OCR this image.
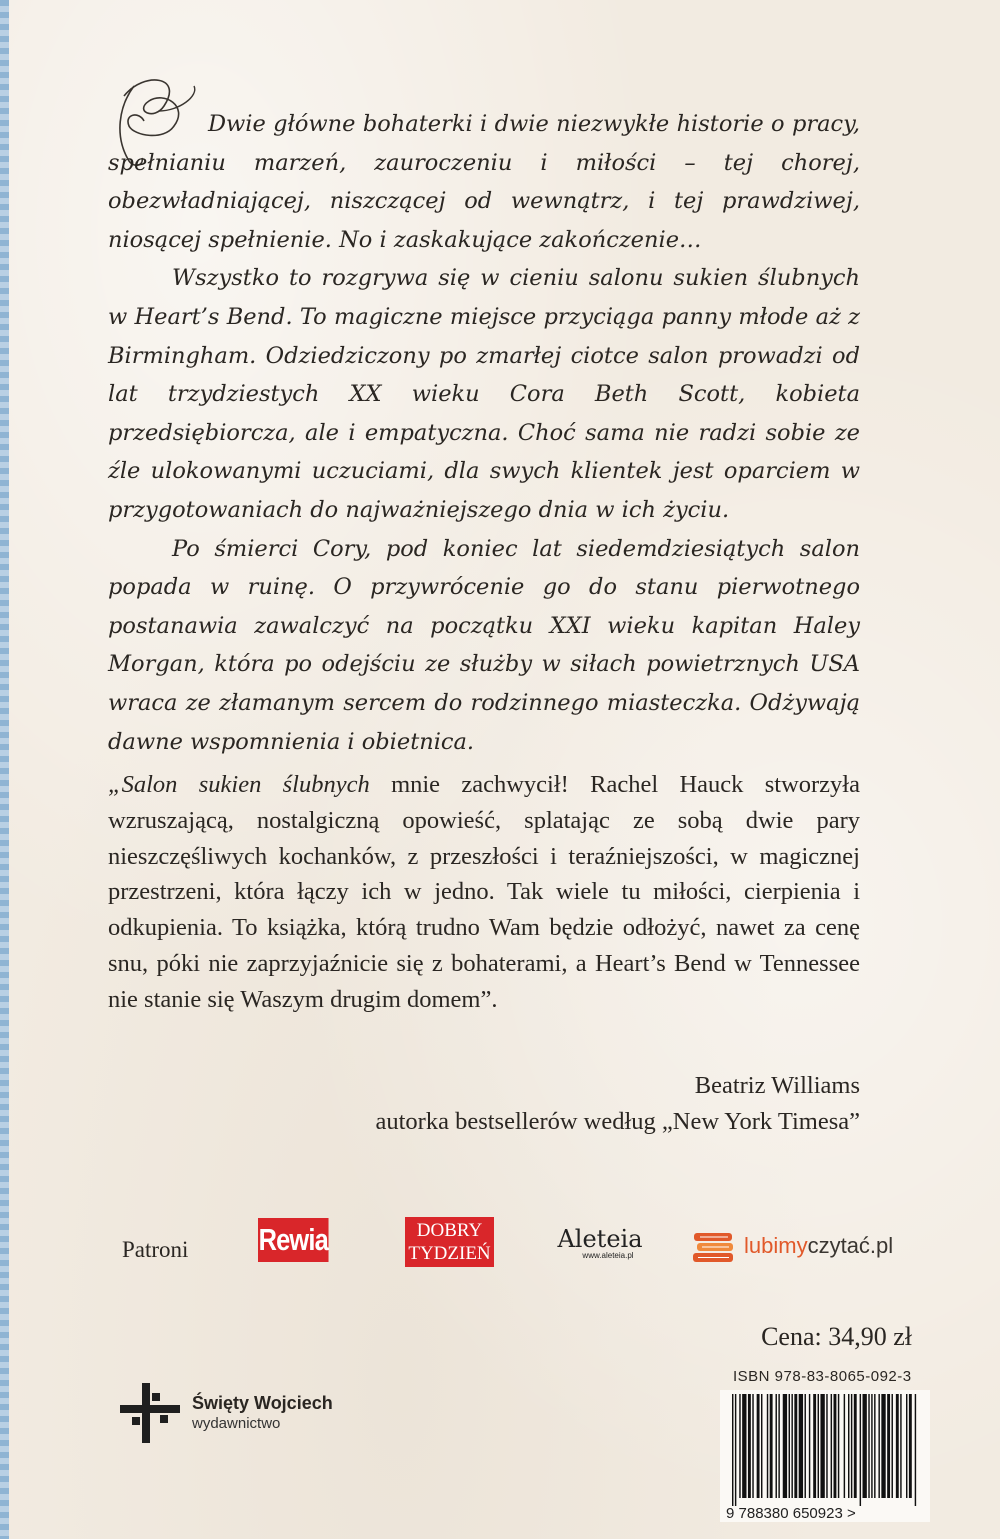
Dwie główne bohaterki i dwie niezwykłe historie o pracy, spełnianiu marzeń, zauroczeniu i miłości – tej chorej, obezwładniającej, niszczącej od wewnątrz, i tej prawdziwej, niosącej spełnienie. No i zaskakujące zakończenie…

Wszystko to rozgrywa się w cieniu salonu sukien ślubnych w Heart’s Bend. To magiczne miejsce przyciąga panny młode aż z Birmingham. Odziedziczony po zmarłej ciotce salon prowadzi od lat trzydziestych XX wieku Cora Beth Scott, kobieta przedsiębiorcza, ale i empatyczna. Choć sama nie radzi sobie ze źle ulokowanymi uczuciami, dla swych klientek jest oparciem w przygotowaniach do najważniejszego dnia w ich życiu.

Po śmierci Cory, pod koniec lat siedemdziesiątych salon popada w ruinę. O przywrócenie go do stanu pierwotnego postanawia zawalczyć na początku XXI wieku kapitan Haley Morgan, która po odejściu ze służby w siłach powietrznych USA wraca ze złamanym sercem do rodzinnego miasteczka. Odżywają dawne wspomnienia i obietnica.

„Salon sukien ślubnych mnie zachwycił! Rachel Hauck stworzyła wzruszającą, nostalgiczną opowieść, splatając ze sobą dwie pary nieszczęśliwych kochanków, z przeszłości i teraźniejszości, w magicznej przestrzeni, która łączy ich w jedno. Tak wiele tu miłości, cierpienia i odkupienia. To książka, którą trudno Wam będzie odłożyć, nawet za cenę snu, póki nie zaprzyjaźnicie się z bohaterami, a Heart’s Bend w Tennessee nie stanie się Waszym drugim domem”.

Beatriz Williams
autorka bestsellerów według „New York Timesa”
Patroni Rewia	DOBRY
TYDZIEŃ
Aleteia
www.aleteia.pl	lubimyczytać.pl
Święty Wojciech
wydawnictwo
Cena: 34,90 zł
ISBN 978-83-8065-092-3
9 788380 650923 >
